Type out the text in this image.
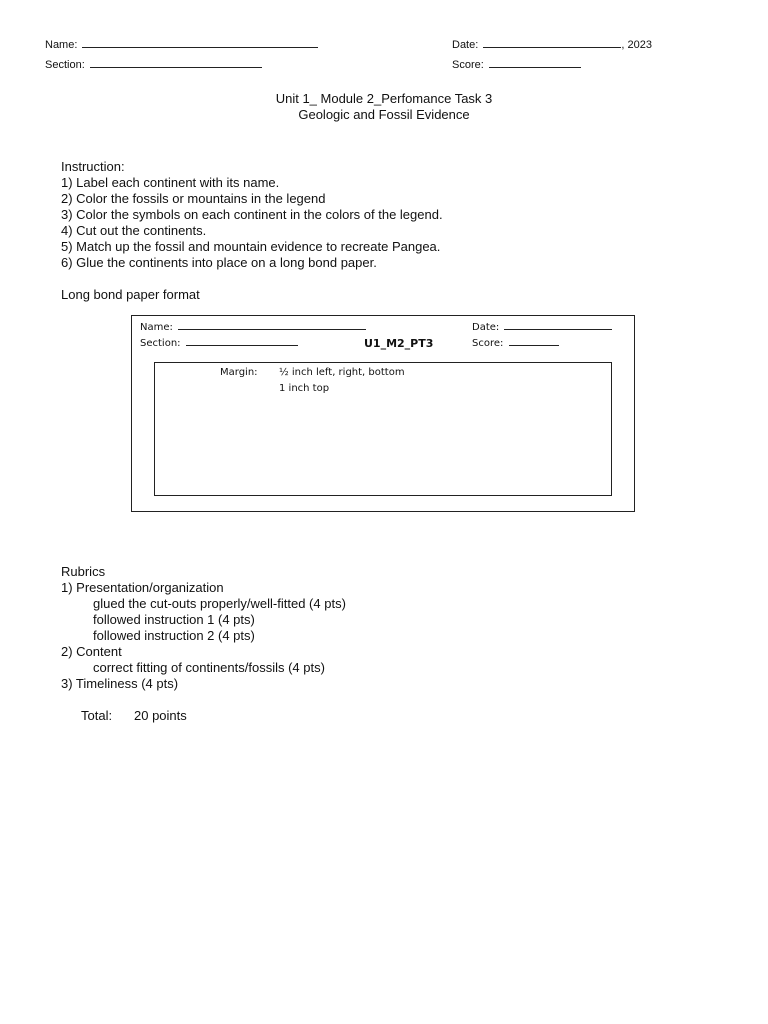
Name:	Date:	, 2023
Section:	Score:
Unit 1_ Module 2_Perfomance Task 3
Geologic and Fossil Evidence
Instruction:
1) Label each continent with its name.
2) Color the fossils or mountains in the legend
3) Color the symbols on each continent in the colors of the legend.
4) Cut out the continents.
5) Match up the fossil and mountain evidence to recreate Pangea.
6) Glue the continents into place on a long bond paper.
Long bond paper format
Name:	Date:
Section:	U1_M2_PT3	Score:
Margin: ½ inch left, right, bottom
1 inch top
Rubrics
1) Presentation/organization
glued the cut-outs properly/well-fitted (4 pts)
followed instruction 1 (4 pts)
followed instruction 2 (4 pts)
2) Content
correct fitting of continents/fossils (4 pts)
3) Timeliness (4 pts)
Total: 20 points
